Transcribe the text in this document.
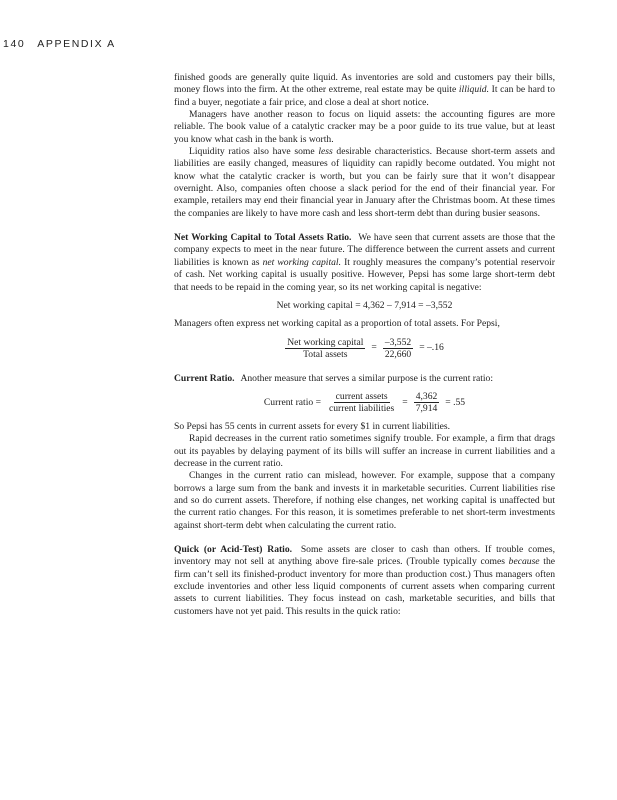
140 APPENDIX A

finished goods are generally quite liquid. As inventories are sold and customers pay their bills, money flows into the firm. At the other extreme, real estate may be quite illiquid. It can be hard to find a buyer, negotiate a fair price, and close a deal at short notice.

Managers have another reason to focus on liquid assets: the accounting figures are more reliable. The book value of a catalytic cracker may be a poor guide to its true value, but at least you know what cash in the bank is worth.

Liquidity ratios also have some less desirable characteristics. Because short-term assets and liabilities are easily changed, measures of liquidity can rapidly become outdated. You might not know what the catalytic cracker is worth, but you can be fairly sure that it won’t disappear overnight. Also, companies often choose a slack period for the end of their financial year. For example, retailers may end their financial year in January after the Christmas boom. At these times the companies are likely to have more cash and less short-term debt than during busier seasons.

Net Working Capital to Total Assets Ratio. We have seen that current assets are those that the company expects to meet in the near future. The difference between the current assets and current liabilities is known as net working capital. It roughly measures the company’s potential reservoir of cash. Net working capital is usually positive. However, Pepsi has some large short-term debt that needs to be repaid in the coming year, so its net working capital is negative:

Net working capital = 4,362 – 7,914 = –3,552

Managers often express net working capital as a proportion of total assets. For Pepsi,

$\frac{\text{Net working capital}}{\text{Total assets}} = \frac{-3,552}{22,660} = -.16$

Current Ratio. Another measure that serves a similar purpose is the current ratio:

Current ratio = $\frac{\text{current assets}}{\text{current liabilities}} = \frac{4,362}{7,914} = .55$

So Pepsi has 55 cents in current assets for every $1 in current liabilities.

Rapid decreases in the current ratio sometimes signify trouble. For example, a firm that drags out its payables by delaying payment of its bills will suffer an increase in current liabilities and a decrease in the current ratio.

Changes in the current ratio can mislead, however. For example, suppose that a company borrows a large sum from the bank and invests it in marketable securities. Current liabilities rise and so do current assets. Therefore, if nothing else changes, net working capital is unaffected but the current ratio changes. For this reason, it is sometimes preferable to net short-term investments against short-term debt when calculating the current ratio.

Quick (or Acid-Test) Ratio. Some assets are closer to cash than others. If trouble comes, inventory may not sell at anything above fire-sale prices. (Trouble typically comes because the firm can’t sell its finished-product inventory for more than production cost.) Thus managers often exclude inventories and other less liquid components of current assets when comparing current assets to current liabilities. They focus instead on cash, marketable securities, and bills that customers have not yet paid. This results in the quick ratio:
